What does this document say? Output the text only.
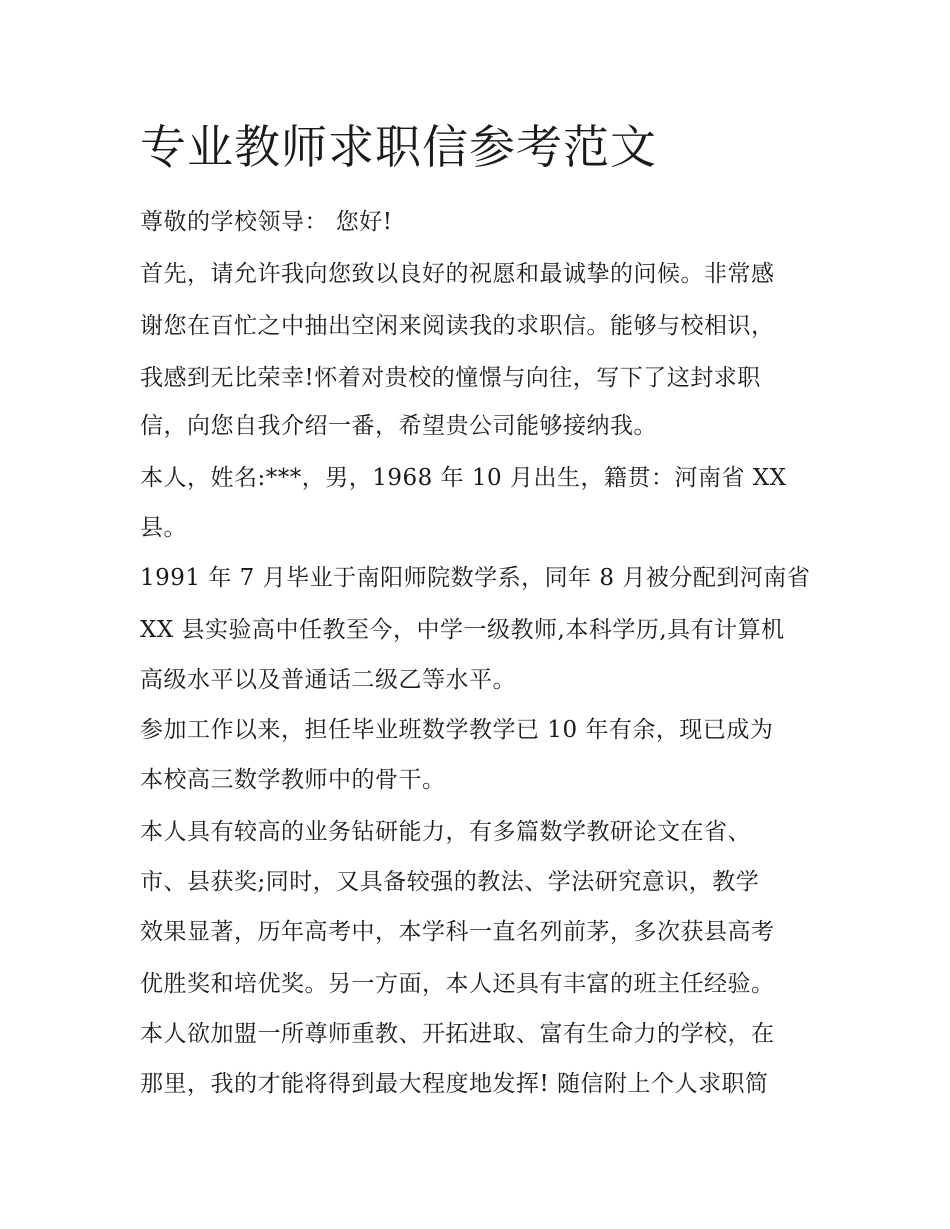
专业教师求职信参考范文
尊敬的学校领导： 您好!
首先，请允许我向您致以良好的祝愿和最诚挚的问候。非常感
谢您在百忙之中抽出空闲来阅读我的求职信。能够与校相识，
我感到无比荣幸!怀着对贵校的憧憬与向往，写下了这封求职
信，向您自我介绍一番，希望贵公司能够接纳我。
本人，姓名:***，男，1968 年 10 月出生，籍贯：河南省 XX
县。
1991 年 7 月毕业于南阳师院数学系，同年 8 月被分配到河南省
XX 县实验高中任教至今，中学一级教师,本科学历,具有计算机
高级水平以及普通话二级乙等水平。
参加工作以来，担任毕业班数学教学已 10 年有余，现已成为
本校高三数学教师中的骨干。
本人具有较高的业务钻研能力，有多篇数学教研论文在省、
市、县获奖;同时，又具备较强的教法、学法研究意识，教学
效果显著，历年高考中，本学科一直名列前茅，多次获县高考
优胜奖和培优奖。另一方面，本人还具有丰富的班主任经验。
本人欲加盟一所尊师重教、开拓进取、富有生命力的学校，在
那里，我的才能将得到最大程度地发挥! 随信附上个人求职简
